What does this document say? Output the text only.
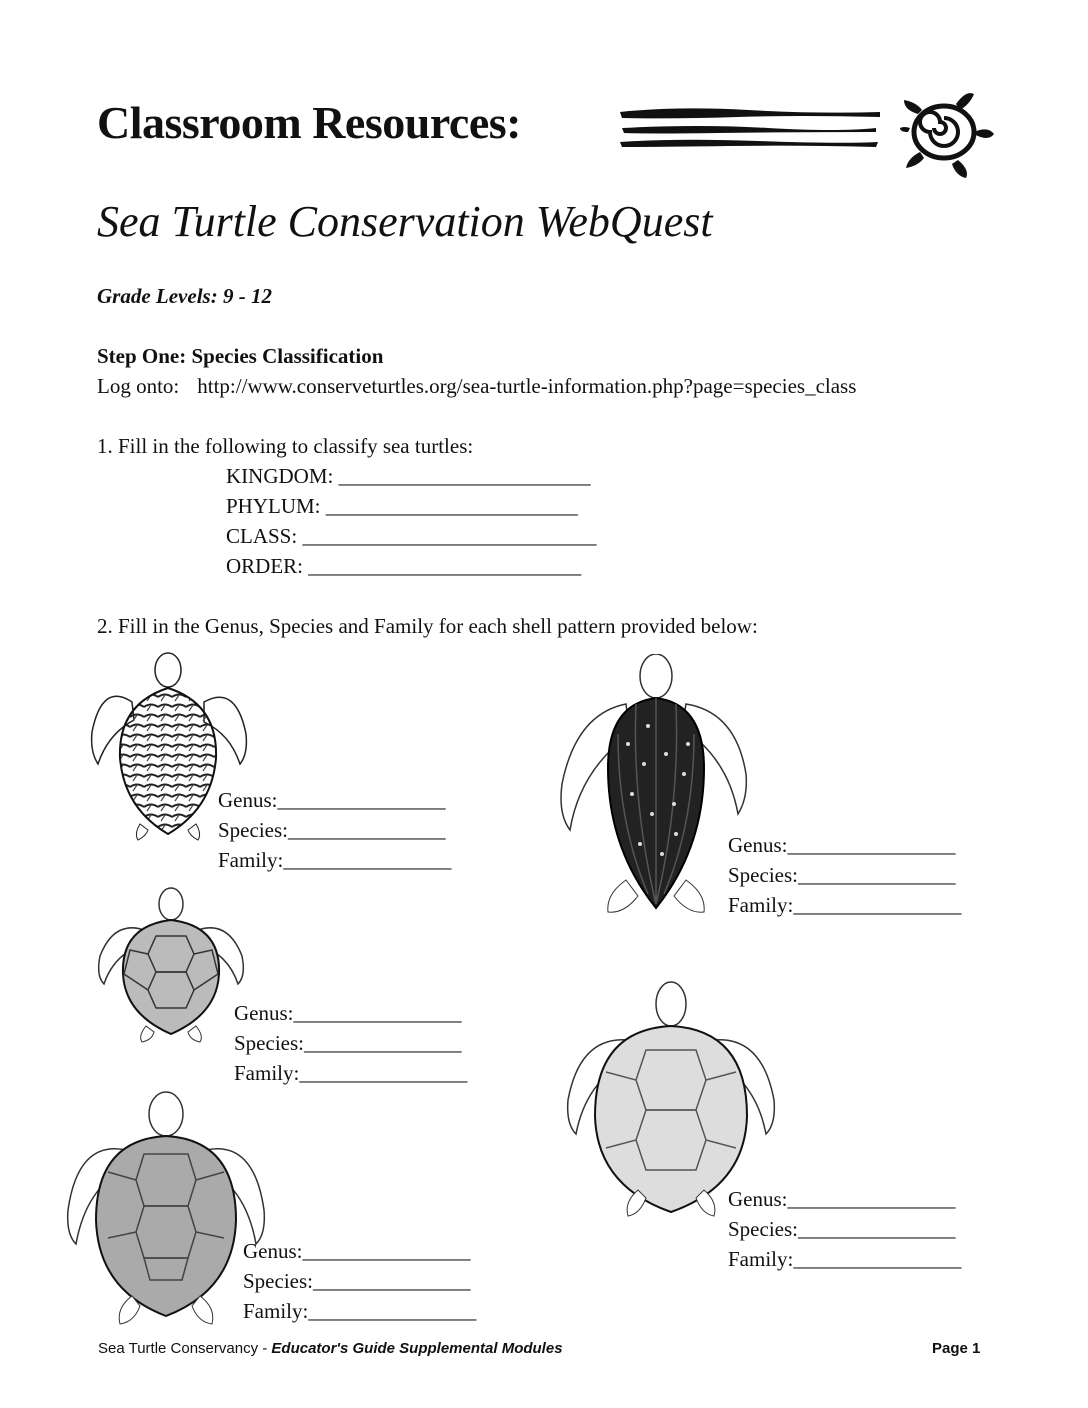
Classroom Resources:
Sea Turtle Conservation WebQuest
Grade Levels: 9 - 12
Step One: Species Classification
Log onto: http://www.conserveturtles.org/sea-turtle-information.php?page=species_class
1. Fill in the following to classify sea turtles:
KINGDOM: ________________________
PHYLUM: ________________________
CLASS: ____________________________
ORDER: __________________________
2. Fill in the Genus, Species and Family for each shell pattern provided below:
Genus:________________
Species:_______________
Family:________________
Genus:________________
Species:_______________
Family:________________
Genus:________________
Species:_______________
Family:________________
Genus:________________
Species:_______________
Family:________________
Genus:________________
Species:_______________
Family:________________
Sea Turtle Conservancy - Educator's Guide Supplemental Modules	Page 1
